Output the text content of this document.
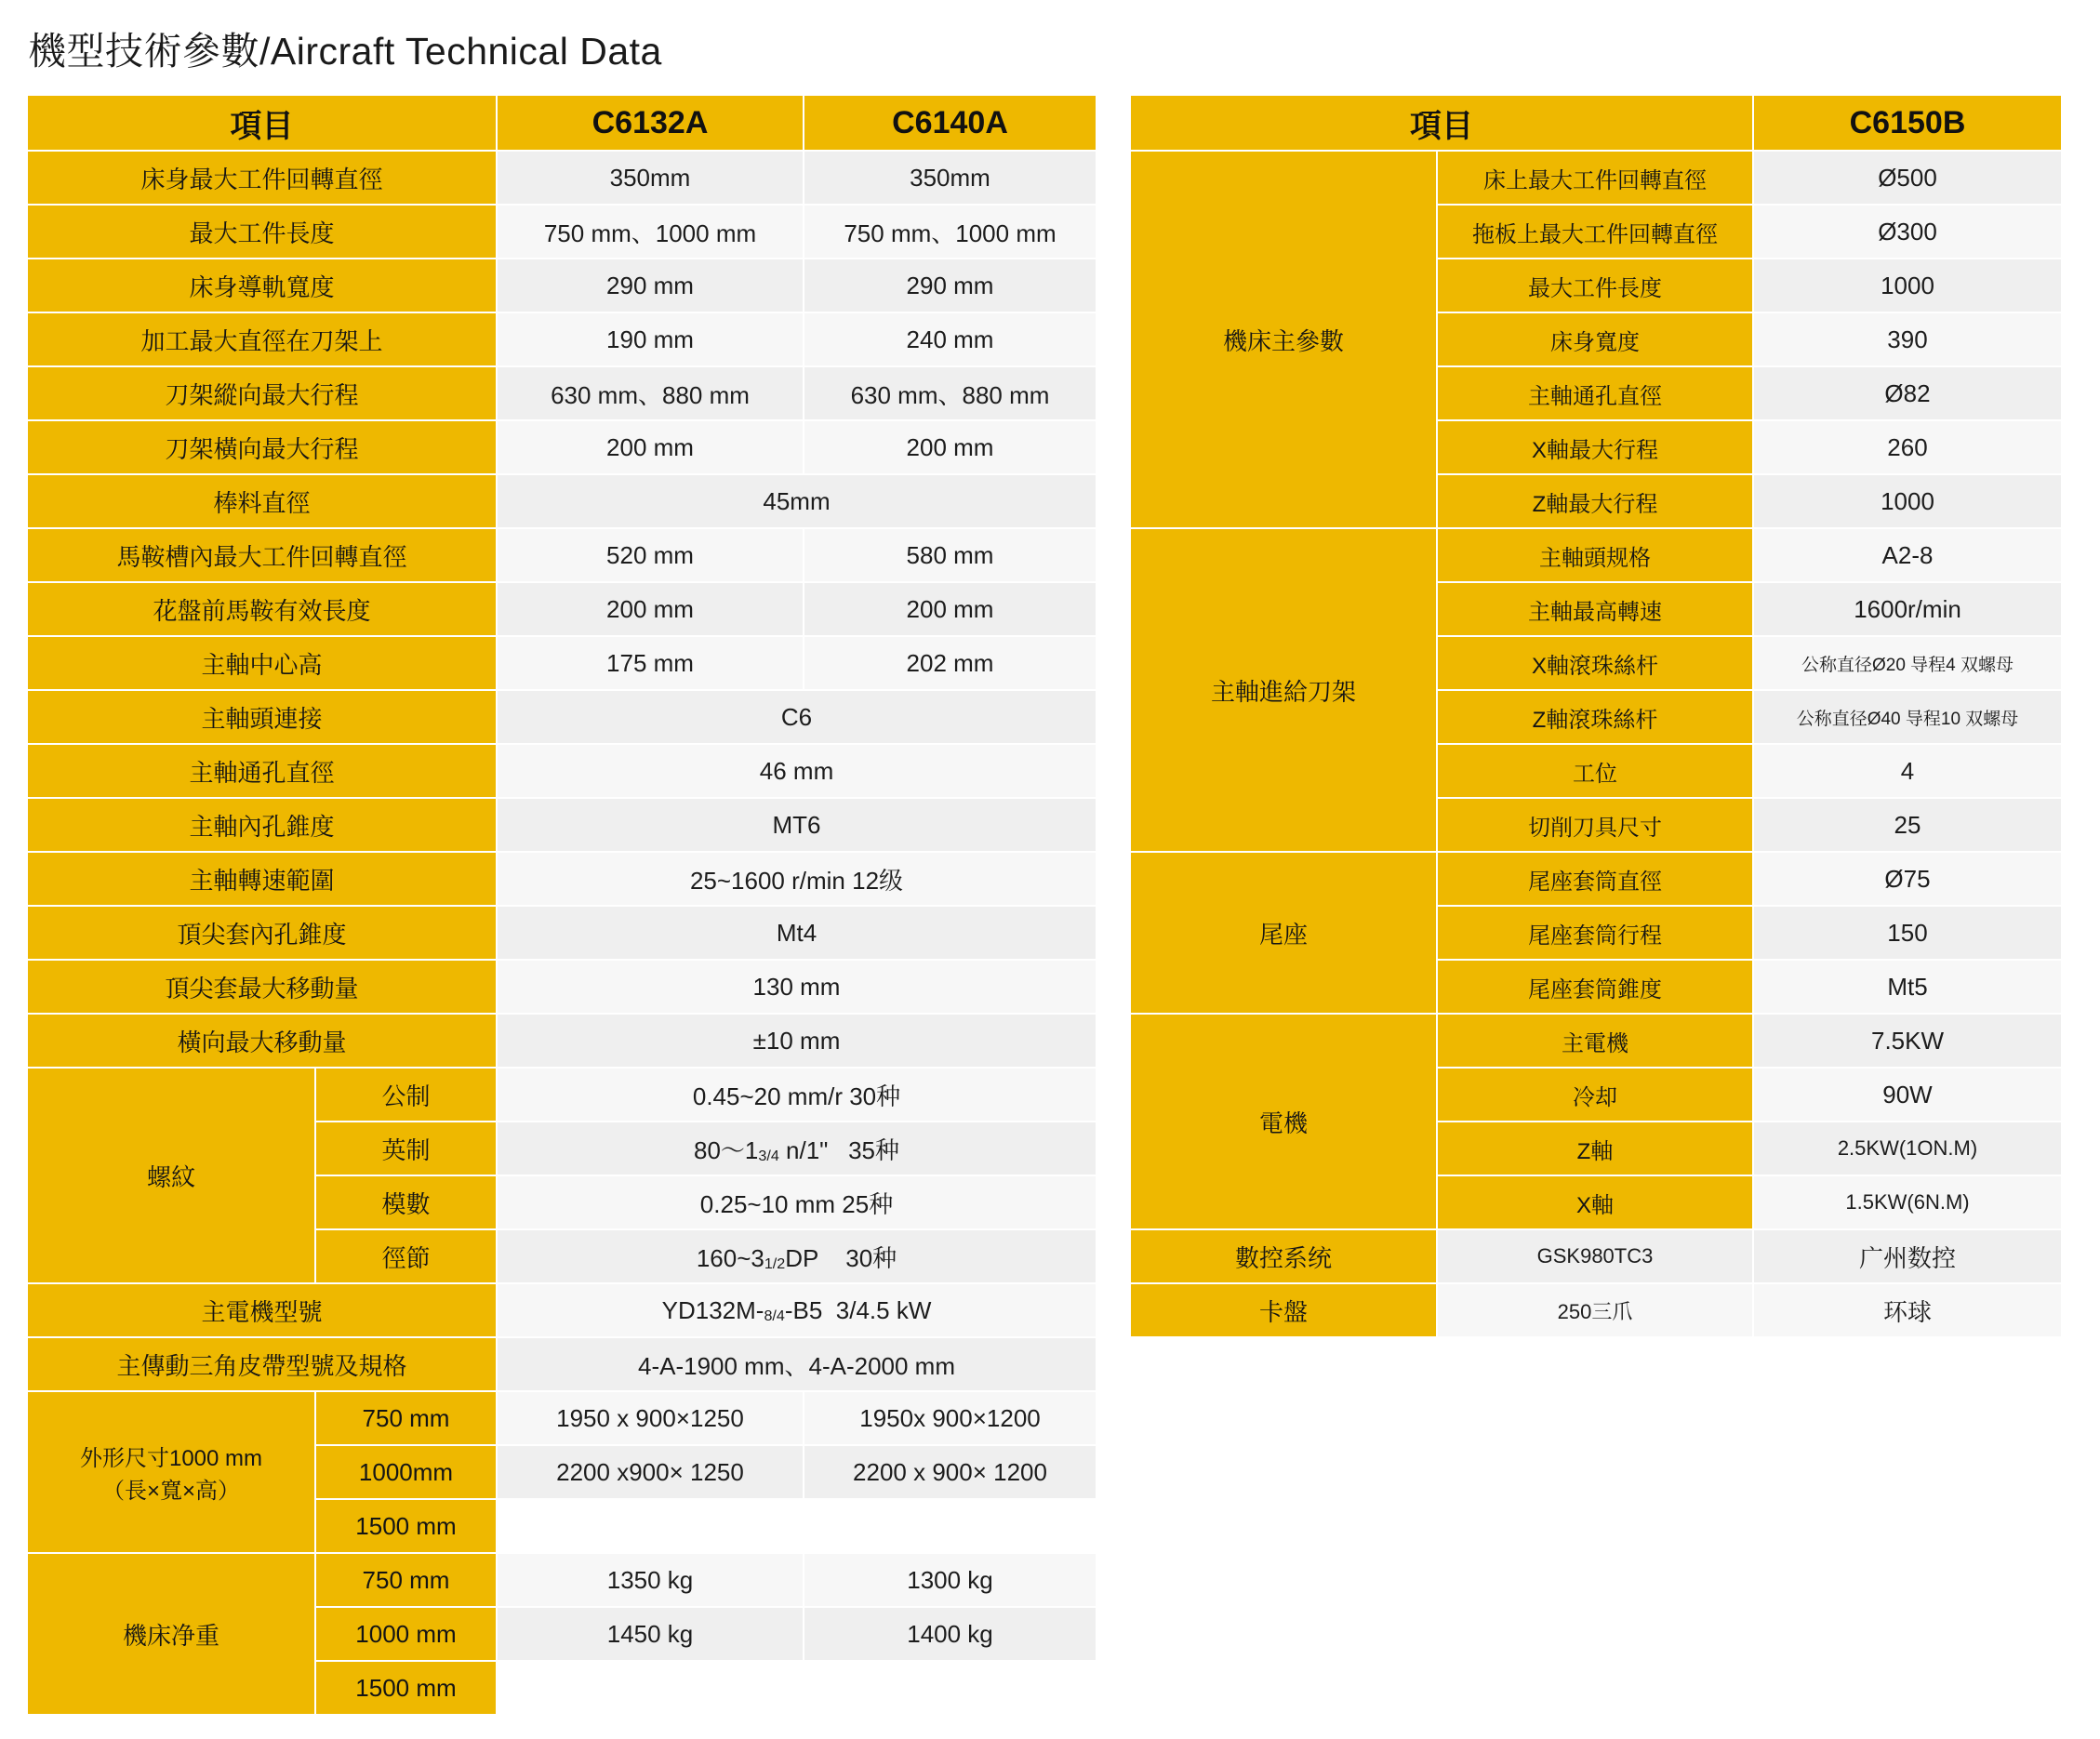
機型技術參數/Aircraft Technical Data
項目		C6132A	C6140A
床身最大工件回轉直徑		350mm	350mm
最大工件長度		750 mm、1000 mm	750 mm、1000 mm
床身導軌寬度		290 mm	290 mm
加工最大直徑在刀架上		190 mm	240 mm
刀架縱向最大行程		630 mm、880 mm	630 mm、880 mm
刀架橫向最大行程		200 mm	200 mm
棒料直徑		45mm	
馬鞍槽內最大工件回轉直徑		520 mm	580 mm
花盤前馬鞍有效長度		200 mm	200 mm
主軸中心高		175 mm	202 mm
主軸頭連接		C6	
主軸通孔直徑		46 mm	
主軸內孔錐度		MT6	
主軸轉速範圍		25~1600 r/min 12级	
頂尖套內孔錐度		Mt4	
頂尖套最大移動量		130 mm	
橫向最大移動量		±10 mm	
螺紋	公制	0.45~20 mm/r 30种	
	英制	80〜13/4 n/1"   35种	
	模數	0.25~10 mm 25种	
	徑節	160~31/2DP    30种	
主電機型號		YD132M-8/4-B5  3/4.5 kW	
主傳動三角皮帶型號及規格		4-A-1900 mm、4-A-2000 mm	

外形尺寸1000 mm
（長×寬×高）	750 mm	1950 x 900×1250	1950x 900×1200
	1000mm	2200 x900× 1250	2200 x 900× 1200
	1500 mm		
機床净重	750 mm	1350 kg	1300 kg
	1000 mm	1450 kg	1400 kg
	1500 mm		
項目		C6150B
機床主參數	床上最大工件回轉直徑	Ø500
	拖板上最大工件回轉直徑	Ø300
	最大工件長度	1000
	床身寬度	390
	主軸通孔直徑	Ø82
	X軸最大行程	260
	Z軸最大行程	1000
主軸進給刀架	主軸頭规格	A2-8
	主軸最高轉速	1600r/min
	X軸滾珠絲杆	公称直径Ø20 导程4 双螺母
	Z軸滾珠絲杆	公称直径Ø40 导程10 双螺母
	工位	4
	切削刀具尺寸	25
尾座	尾座套筒直徑	Ø75
	尾座套筒行程	150
	尾座套筒錐度	Mt5
電機	主電機	7.5KW
	冷却	90W
	Z軸	2.5KW(1ON.M)
	X軸	1.5KW(6N.M)
數控系统	GSK980TC3	广州数控
卡盤	250三爪	环球
